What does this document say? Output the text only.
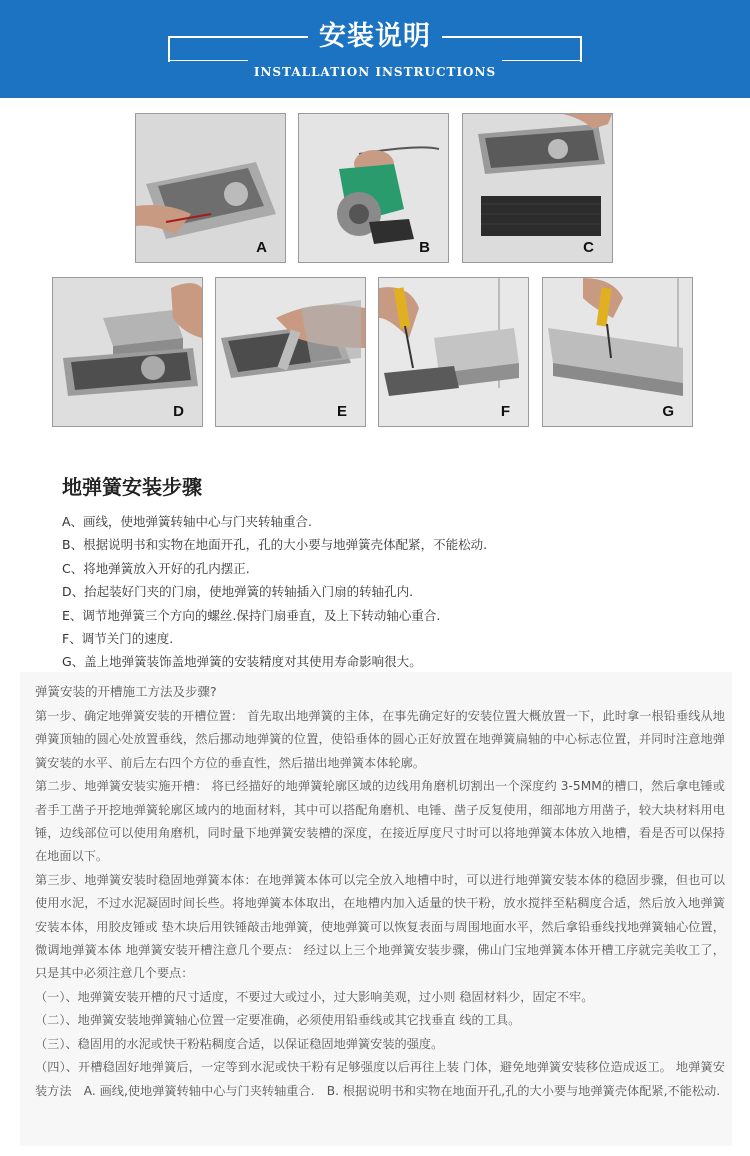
安装说明
INSTALLATION INSTRUCTIONS
A	B	C
D	E	F	G
地弹簧安装步骤
A、画线，使地弹簧转轴中心与门夹转轴重合.
B、根据说明书和实物在地面开孔，孔的大小要与地弹簧壳体配紧，不能松动.
C、将地弹簧放入开好的孔内摆正.
D、抬起装好门夹的门扇，使地弹簧的转轴插入门扇的转轴孔内.
E、调节地弹簧三个方向的螺丝.保持门扇垂直，及上下转动轴心重合.
F、调节关门的速度.
G、盖上地弹簧装饰盖地弹簧的安装精度对其使用寿命影响很大。
弹簧安装的开槽施工方法及步骤?

第一步、确定地弹簧安装的开槽位置： 首先取出地弹簧的主体，在事先确定好的安装位置大概放置一下，此时拿一根铅垂线从地弹簧顶轴的圆心处放置垂线，然后挪动地弹簧的位置，使铅垂体的圆心正好放置在地弹簧扁轴的中心标志位置，并同时注意地弹簧安装的水平、前后左右四个方位的垂直性，然后描出地弹簧本体轮廓。

第二步、地弹簧安装实施开槽： 将已经描好的地弹簧轮廓区域的边线用角磨机切割出一个深度约 3-5MM的槽口，然后拿电锤或者手工凿子开挖地弹簧轮廓区域内的地面材料，其中可以搭配角磨机、电锤、凿子反复使用，细部地方用凿子，较大块材料用电锤，边线部位可以使用角磨机，同时量下地弹簧安装槽的深度，在接近厚度尺寸时可以将地弹簧本体放入地槽，看是否可以保持在地面以下。

第三步、地弹簧安装时稳固地弹簧本体：在地弹簧本体可以完全放入地槽中时，可以进行地弹簧安装本体的稳固步骤，但也可以使用水泥，不过水泥凝固时间长些。将地弹簧本体取出，在地槽内加入适量的快干粉，放水搅拌至粘稠度合适，然后放入地弹簧安装本体，用胶皮锤或 垫木块后用铁锤敲击地弹簧，使地弹簧可以恢复表面与周围地面水平，然后拿铅垂线找地弹簧轴心位置，微调地弹簧本体 地弹簧安装开槽注意几个要点： 经过以上三个地弹簧安装步骤，佛山门宝地弹簧本体开槽工序就完美收工了，只是其中必须注意几个要点：

（一）、地弹簧安装开槽的尺寸适度，不要过大或过小，过大影响美观，过小则 稳固材料少，固定不牢。

（二）、地弹簧安装地弹簧轴心位置一定要准确，必须使用铅垂线或其它找垂直 线的工具。

（三）、稳固用的水泥或快干粉粘稠度合适，以保证稳固地弹簧安装的强度。

（四）、开槽稳固好地弹簧后，一定等到水泥或快干粉有足够强度以后再往上装 门体，避免地弹簧安装移位造成返工。 地弹簧安装方法　A. 画线,使地弹簧转轴中心与门夹转轴重合.　B. 根据说明书和实物在地面开孔,孔的大小要与地弹簧壳体配紧,不能松动.
